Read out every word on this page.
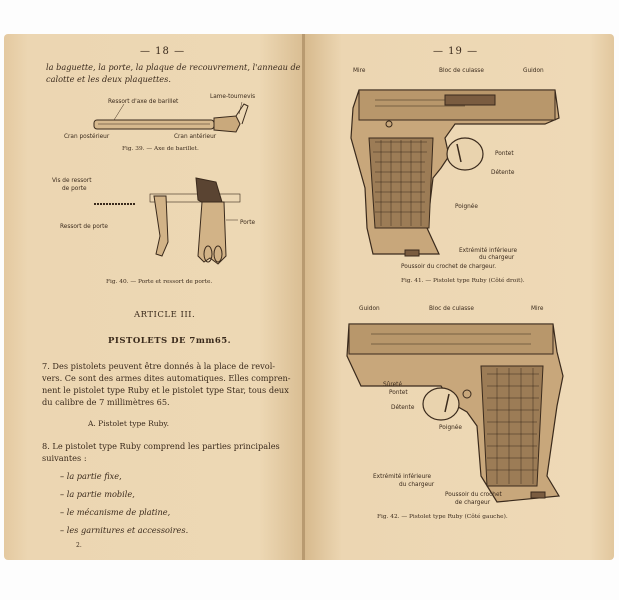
— 18 —
la baguette, la porte, la plaque de recouvrement, l'anneau de
calotte et les deux plaquettes.
Ressort d'axe de barillet
Lame-tournevis
Cran postérieur	Cran antérieur
Fig. 39. — Axe de barillet.
Vis de ressort
de porte
Ressort de porte
Porte
Fig. 40. — Porte et ressort de porte.
ARTICLE III.
PISTOLETS DE 7mm65.
7. Des pistolets peuvent être donnés à la place de revol-
vers. Ce sont des armes dites automatiques. Elles compren-
nent le pistolet type Ruby et le pistolet type Star, tous deux
du calibre de 7 millimètres 65.
A. Pistolet type Ruby.
8. Le pistolet type Ruby comprend les parties principales
suivantes :
– la partie fixe,
– la partie mobile,
– le mécanisme de platine,
– les garnitures et accessoires.
2.
— 19 —
Mire	Bloc de culasse	Guidon
Pontet
Détente
Poignée
Extrémité inférieure
du chargeur
Poussoir du crochet de chargeur.
Fig. 41. — Pistolet type Ruby (Côté droit).
Guidon	Bloc de culasse	Mire
Sûreté
Pontet
Détente
Poignée
Extrémité inférieure
du chargeur
Poussoir du crochet
de chargeur
Fig. 42. — Pistolet type Ruby (Côté gauche).
